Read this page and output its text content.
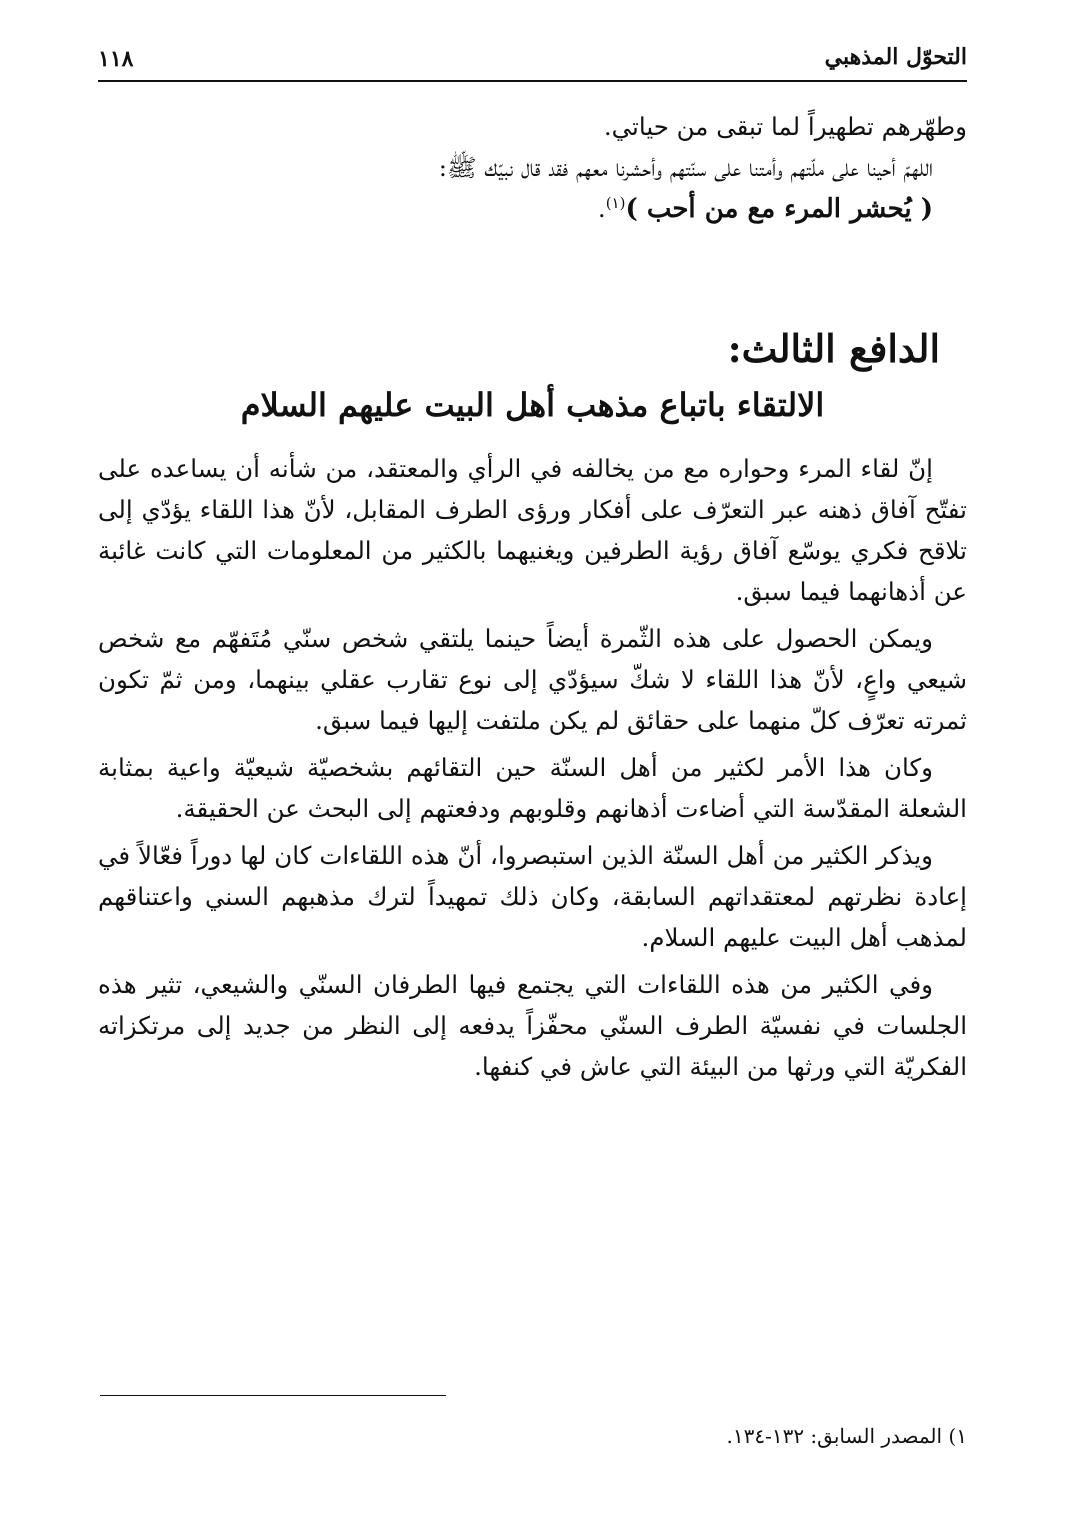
التحوّل المذهبي
١١٨

وطهّرهم تطهيراً لما تبقى من حياتي.

اللهمّ أحينا على ملّتهم وأمتنا على سنّتهم وأحشرنا معهم فقد قال نبيّك ﷺ:

( يُحشر المرء مع من أحب )$^{(١)}$.

الدافع الثالث:
الالتقاء باتباع مذهب أهل البيت عليهم السلام

إنّ لقاء المرء وحواره مع من يخالفه في الرأي والمعتقد، من شأنه أن يساعده على تفتّح آفاق ذهنه عبر التعرّف على أفكار ورؤى الطرف المقابل، لأنّ هذا اللقاء يؤدّي إلى تلاقح فكري يوسّع آفاق رؤية الطرفين ويغنيهما بالكثير من المعلومات التي كانت غائبة عن أذهانهما فيما سبق.

ويمكن الحصول على هذه الثّمرة أيضاً حينما يلتقي شخص سنّي مُتَفهّم مع شخص شيعي واعٍ، لأنّ هذا اللقاء لا شكّ سيؤدّي إلى نوع تقارب عقلي بينهما، ومن ثمّ تكون ثمرته تعرّف كلّ منهما على حقائق لم يكن ملتفت إليها فيما سبق.

وكان هذا الأمر لكثير من أهل السنّة حين التقائهم بشخصيّة شيعيّة واعية بمثابة الشعلة المقدّسة التي أضاءت أذهانهم وقلوبهم ودفعتهم إلى البحث عن الحقيقة.

ويذكر الكثير من أهل السنّة الذين استبصروا، أنّ هذه اللقاءات كان لها دوراً فعّالاً في إعادة نظرتهم لمعتقداتهم السابقة، وكان ذلك تمهيداً لترك مذهبهم السني واعتناقهم لمذهب أهل البيت عليهم السلام.

وفي الكثير من هذه اللقاءات التي يجتمع فيها الطرفان السنّي والشيعي، تثير هذه الجلسات في نفسيّة الطرف السنّي محفّزاً يدفعه إلى النظر من جديد إلى مرتكزاته الفكريّة التي ورثها من البيئة التي عاش في كنفها.

١) المصدر السابق: ١٣٢-١٣٤.
